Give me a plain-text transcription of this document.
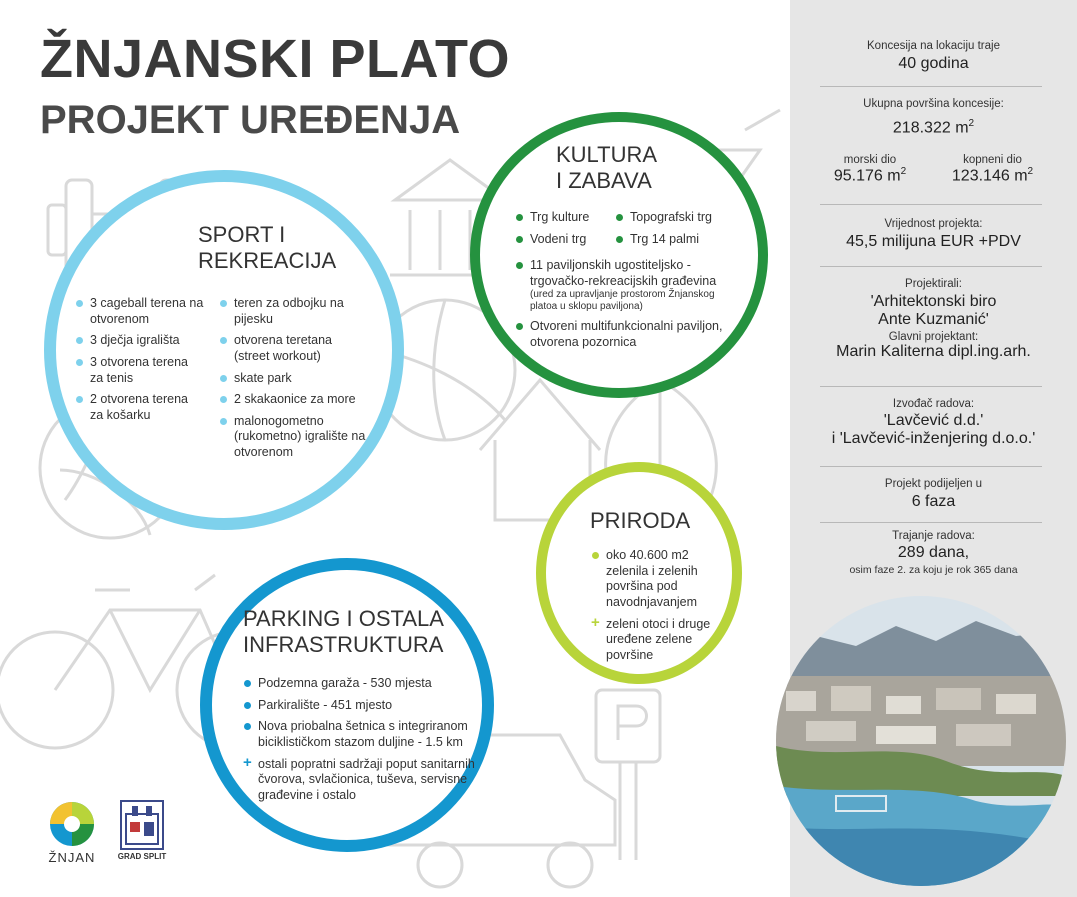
ŽNJANSKI PLATO
PROJEKT UREĐENJA
SPORT I
REKREACIJA
3 cageball terena na otvorenom
3 dječja igrališta
3 otvorena terena za tenis
2 otvorena terena za košarku
teren za odbojku na pijesku
otvorena teretana (street workout)
skate park
2 skakaonice za more
malonogometno (rukometno) igralište na otvorenom
KULTURA
I ZABAVA
Trg kulture
Vodeni trg
Topografski trg
Trg 14 palmi
11 paviljonskih ugostiteljsko -trgovačko-rekreacijskih građevina
(ured za upravljanje prostorom Žnjanskog platoa u sklopu paviljona)
Otvoreni multifunkcionalni paviljon, otvorena pozornica
PRIRODA
oko 40.600 m2 zelenila i zelenih površina pod navodnjavanjem
+ zeleni otoci i druge uređene zelene površine
PARKING I OSTALA
INFRASTRUKTURA
Podzemna garaža - 530 mjesta
Parkiralište - 451 mjesto
Nova priobalna šetnica s integriranom biciklističkom stazom duljine - 1.5 km
+ ostali popratni sadržaji poput sanitarnih čvorova, svlačionica, tuševa, servisne građevine i ostalo
ŽNJAN	GRAD SPLIT
Koncesija na lokaciju traje
40 godina
Ukupna površina koncesije:
218.322 $m^2$
morski dio
95.176 $m^2$
kopneni dio
123.146 $m^2$
Vrijednost projekta:
45,5 milijuna EUR +PDV
Projektirali:
'Arhitektonski biro
Ante Kuzmanić'
Glavni projektant:
Marin Kaliterna dipl.ing.arh.
Izvođač radova:
'Lavčević d.d.'
i 'Lavčević-inženjering d.o.o.'
Projekt podijeljen u
6 faza
Trajanje radova:
289 dana,
osim faze 2. za koju je rok 365 dana
